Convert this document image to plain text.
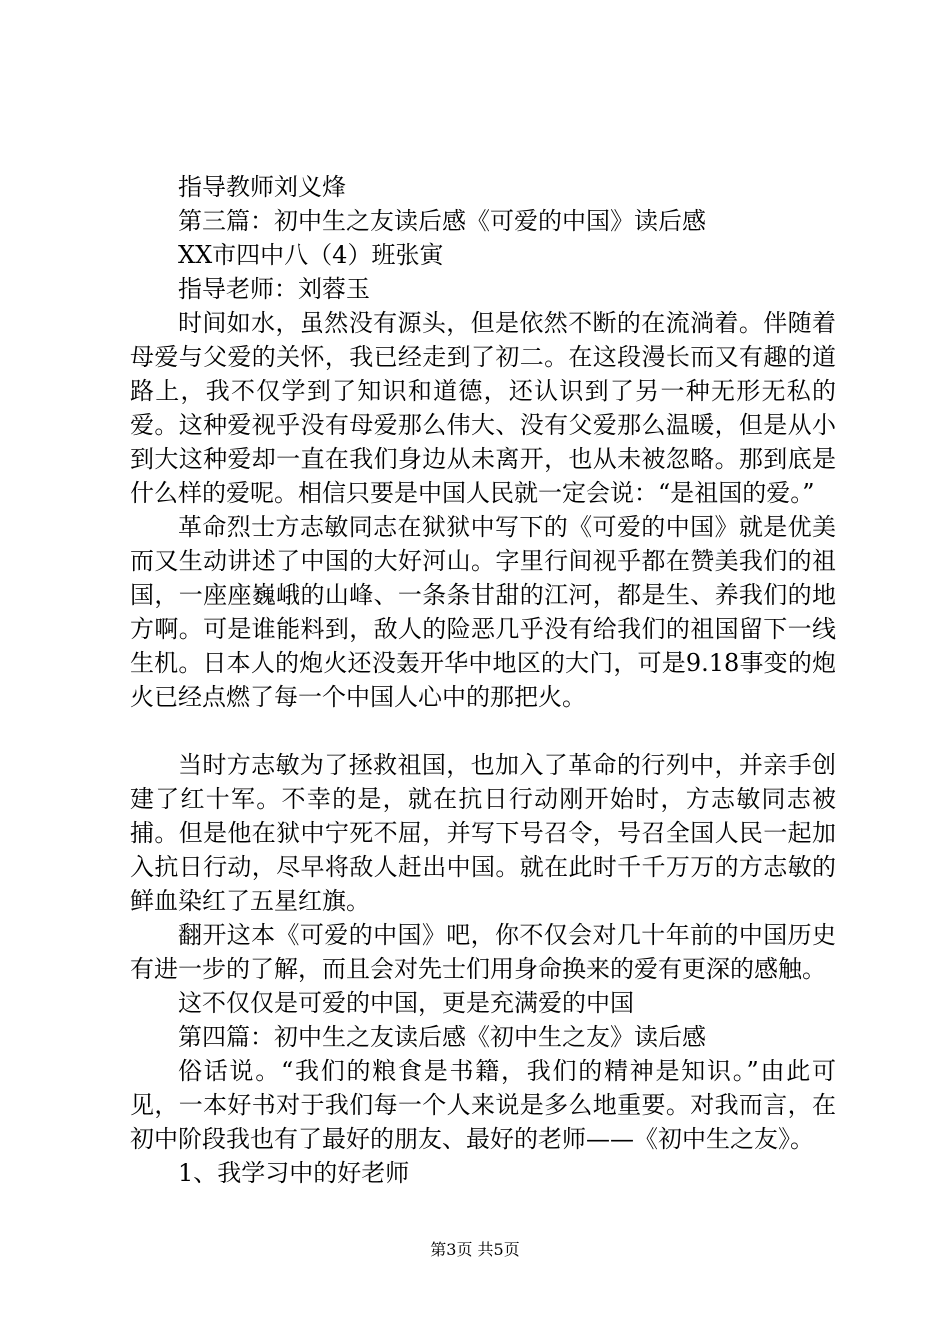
指导教师刘义烽
第三篇：初中生之友读后感《可爱的中国》读后感
XX市四中八（4）班张寅
指导老师：刘蓉玉

时间如水，虽然没有源头，但是依然不断的在流淌着。伴随着母爱与父爱的关怀，我已经走到了初二。在这段漫长而又有趣的道路上，我不仅学到了知识和道德，还认识到了另一种无形无私的爱。这种爱视乎没有母爱那么伟大、没有父爱那么温暖，但是从小到大这种爱却一直在我们身边从未离开，也从未被忽略。那到底是什么样的爱呢。相信只要是中国人民就一定会说：“是祖国的爱。”

革命烈士方志敏同志在狱狱中写下的《可爱的中国》就是优美而又生动讲述了中国的大好河山。字里行间视乎都在赞美我们的祖国，一座座巍峨的山峰、一条条甘甜的江河，都是生、养我们的地方啊。可是谁能料到，敌人的险恶几乎没有给我们的祖国留下一线生机。日本人的炮火还没轰开华中地区的大门，可是9.18事变的炮火已经点燃了每一个中国人心中的那把火。

当时方志敏为了拯救祖国，也加入了革命的行列中，并亲手创建了红十军。不幸的是，就在抗日行动刚开始时，方志敏同志被捕。但是他在狱中宁死不屈，并写下号召令，号召全国人民一起加入抗日行动，尽早将敌人赶出中国。就在此时千千万万的方志敏的鲜血染红了五星红旗。

翻开这本《可爱的中国》吧，你不仅会对几十年前的中国历史有进一步的了解，而且会对先士们用身命换来的爱有更深的感触。

这不仅仅是可爱的中国，更是充满爱的中国

第四篇：初中生之友读后感《初中生之友》读后感

俗话说。“我们的粮食是书籍，我们的精神是知识。”由此可见，一本好书对于我们每一个人来说是多么地重要。对我而言，在初中阶段我也有了最好的朋友、最好的老师——《初中生之友》。

1、我学习中的好老师

第3页 共5页
